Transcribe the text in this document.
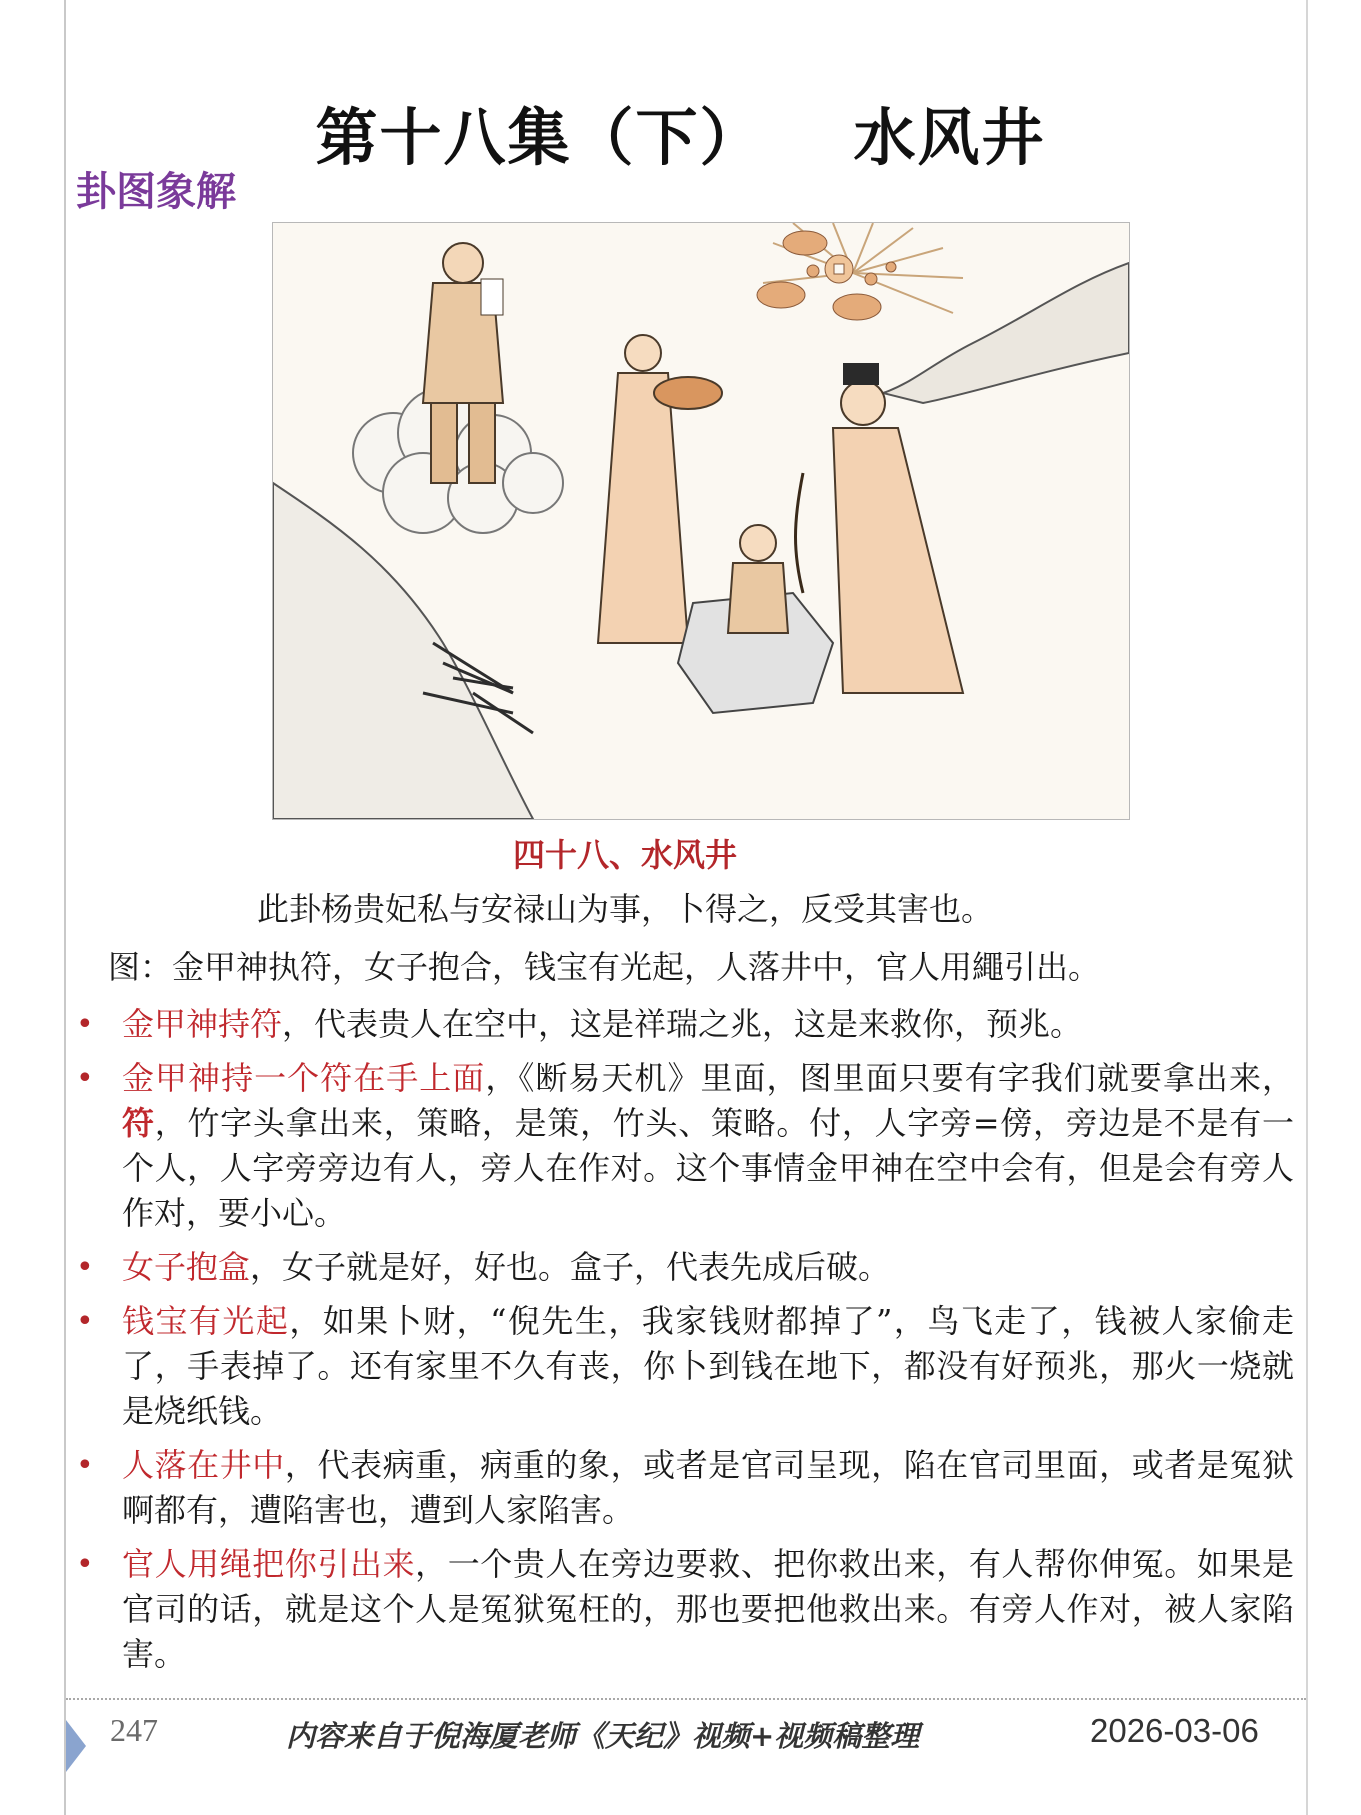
第十八集（下） 水风井
卦图象解
四十八、水风井
此卦杨贵妃私与安禄山为事，卜得之，反受其害也。
图：金甲神执符，女子抱合，钱宝有光起，人落井中，官人用繩引出。
• 金甲神持符，代表贵人在空中，这是祥瑞之兆，这是来救你，预兆。
• 金甲神持一个符在手上面，《断易天机》里面，图里面只要有字我们就要拿出来，符，竹字头拿出来，策略，是策，竹头、策略。付，人字旁=傍，旁边是不是有一个人，人字旁旁边有人，旁人在作对。这个事情金甲神在空中会有，但是会有旁人作对，要小心。
• 女子抱盒，女子就是好，好也。盒子，代表先成后破。
• 钱宝有光起，如果卜财，“倪先生，我家钱财都掉了”，鸟飞走了，钱被人家偷走了，手表掉了。还有家里不久有丧，你卜到钱在地下，都没有好预兆，那火一烧就是烧纸钱。
• 人落在井中，代表病重，病重的象，或者是官司呈现，陷在官司里面，或者是冤狱啊都有，遭陷害也，遭到人家陷害。
• 官人用绳把你引出来，一个贵人在旁边要救、把你救出来，有人帮你伸冤。如果是官司的话，就是这个人是冤狱冤枉的，那也要把他救出来。有旁人作对，被人家陷害。
247	内容来自于倪海厦老师《天纪》视频+视频稿整理	2026-03-06
